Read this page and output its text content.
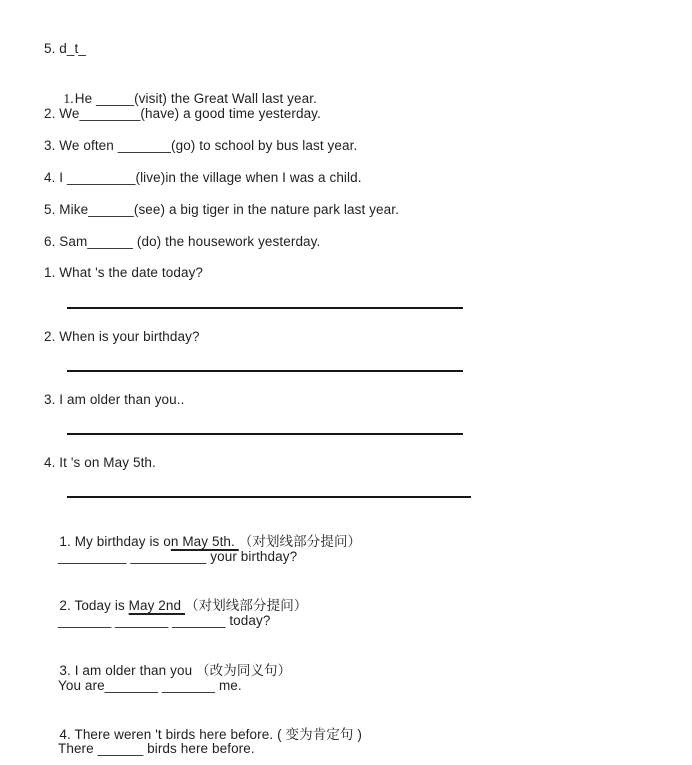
5. d_t_

1.He _____(visit) the Great Wall last year.

2. We________(have) a good time yesterday.
3. We often _______(go) to school by bus last year.
4. I _________(live)in the village when I was a child.
5. Mike______(see) a big tiger in the nature park last year.
6. Sam______ (do) the housework yesterday.
1. What 's the date today?
2. When is your birthday?
3. I am older than you..
4. It 's on May 5th.

1. My birthday is on May 5th. （对划线部分提问）

_________ __________ your birthday?

2. Today is May 2nd （对划线部分提问）

_______ _______ _______ today?

3. I am older than you （改为同义句）

You are_______ _______ me.

4. There weren 't birds here before. ( 变为肯定句 )

There ______ birds here before.
